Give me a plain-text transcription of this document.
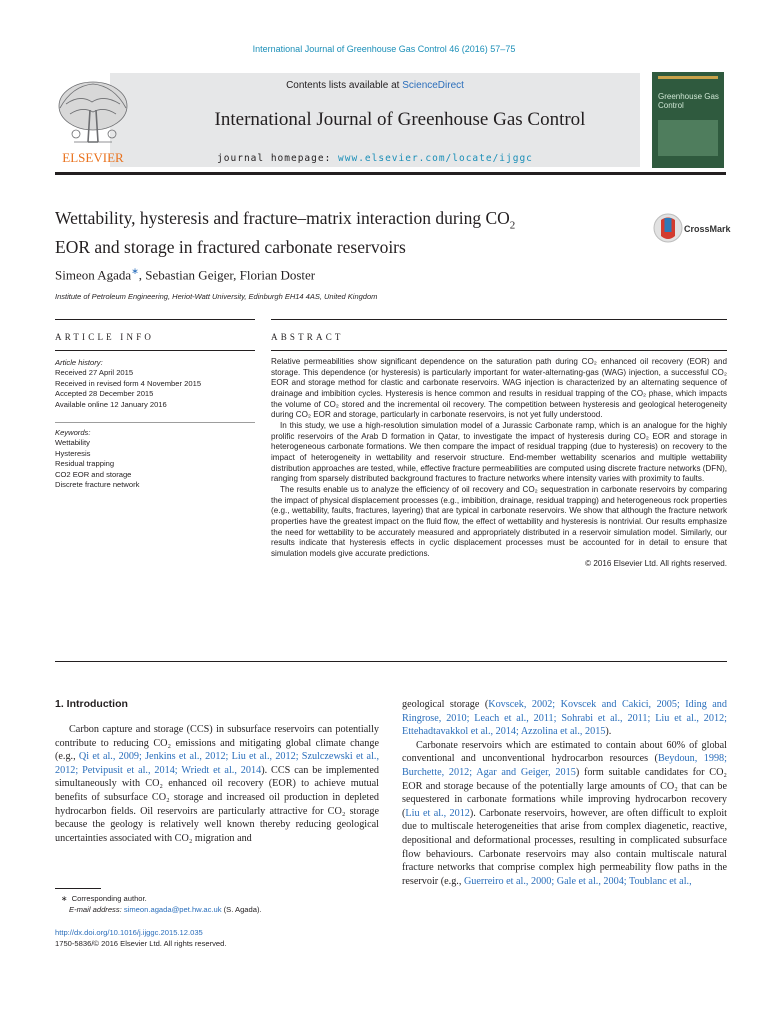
International Journal of Greenhouse Gas Control 46 (2016) 57–75
Contents lists available at ScienceDirect
International Journal of Greenhouse Gas Control
journal homepage: www.elsevier.com/locate/ijggc
ELSEVIER
Greenhouse Gas Control
Wettability, hysteresis and fracture–matrix interaction during $CO_2$
EOR and storage in fractured carbonate reservoirs
CrossMark
Simeon Agada∗, Sebastian Geiger, Florian Doster
Institute of Petroleum Engineering, Heriot-Watt University, Edinburgh EH14 4AS, United Kingdom
ARTICLE INFO	ABSTRACT
Article history:
Received 27 April 2015
Received in revised form 4 November 2015
Accepted 28 December 2015
Available online 12 January 2016
Keywords:
Wettability
Hysteresis
Residual trapping
CO2 EOR and storage
Discrete fracture network

Relative permeabilities show significant dependence on the saturation path during CO₂ enhanced oil recovery (EOR) and storage. This dependence (or hysteresis) is particularly important for water-alternating-gas (WAG) injection, a successful CO₂ EOR and storage method for clastic and carbonate reservoirs. WAG injection is characterized by an alternating sequence of drainage and imbibition cycles. Hysteresis is hence common and results in residual trapping of the CO₂ phase, which impacts the volume of CO₂ stored and the incremental oil recovery. The competition between hysteresis and geological heterogeneity during CO₂ EOR and storage, particularly in carbonate reservoirs, is not yet fully understood.

In this study, we use a high-resolution simulation model of a Jurassic Carbonate ramp, which is an analogue for the highly prolific reservoirs of the Arab D formation in Qatar, to investigate the impact of hysteresis during CO₂ EOR and storage in heterogeneous carbonate formations. We then compare the impact of residual trapping (due to hysteresis) on recovery to the impact of heterogeneity in wettability and reservoir structure. End-member wettability scenarios and multiple wettability distribution approaches are tested, while, effective fracture permeabilities are computed using discrete fracture networks (DFN), ranging from sparsely distributed background fractures to fracture networks where intensity varies with proximity to faults.

The results enable us to analyze the efficiency of oil recovery and CO₂ sequestration in carbonate reservoirs by comparing the impact of physical displacement processes (e.g., imbibition, drainage, residual trapping) and heterogeneous rock properties (e.g., wettability, faults, fractures, layering) that are typical in carbonate reservoirs. We show that although the fracture network properties have the greatest impact on the fluid flow, the effect of wettability and hysteresis is nontrivial. Our results emphasize the need for wettability to be accurately measured and appropriately distributed in a reservoir simulation model. Similarly, our results indicate that hysteresis effects in cyclic displacement processes must be accounted for in detail to ensure that simulation models give accurate predictions.

© 2016 Elsevier Ltd. All rights reserved.
1. Introduction

Carbon capture and storage (CCS) in subsurface reservoirs can potentially contribute to reducing CO₂ emissions and mitigating global climate change (e.g., Qi et al., 2009; Jenkins et al., 2012; Liu et al., 2012; Szulczewski et al., 2012; Petvipusit et al., 2014; Wriedt et al., 2014). CCS can be implemented simultaneously with CO₂ enhanced oil recovery (EOR) to achieve mutual benefits of subsurface CO₂ storage and increased oil production in depleted hydrocarbon fields. Oil reservoirs are particularly attractive for CO₂ storage because the geology is relatively well known thereby reducing geological uncertainties associated with CO₂ migration and

geological storage (Kovscek, 2002; Kovscek and Cakici, 2005; Iding and Ringrose, 2010; Leach et al., 2011; Sohrabi et al., 2011; Liu et al., 2012; Ettehadtavakkol et al., 2014; Azzolina et al., 2015).

Carbonate reservoirs which are estimated to contain about 60% of global conventional and unconventional hydrocarbon resources (Beydoun, 1998; Burchette, 2012; Agar and Geiger, 2015) form suitable candidates for CO₂ EOR and storage because of the potentially large amounts of CO₂ that can be sequestered in carbonate formations while improving hydrocarbon recovery (Liu et al., 2012). Carbonate reservoirs, however, are often difficult to exploit due to multiscale heterogeneities that arise from complex diagenetic, reactive, depositional and deformational processes, resulting in complicated subsurface flow behaviours. Carbonate reservoirs may also contain multiscale natural fracture networks that comprise complex high permeability flow paths in the reservoir (e.g., Guerreiro et al., 2000; Gale et al., 2004; Toublanc et al.,

∗ Corresponding author.
E-mail address: simeon.agada@pet.hw.ac.uk (S. Agada).
http://dx.doi.org/10.1016/j.ijggc.2015.12.035
1750-5836/© 2016 Elsevier Ltd. All rights reserved.
